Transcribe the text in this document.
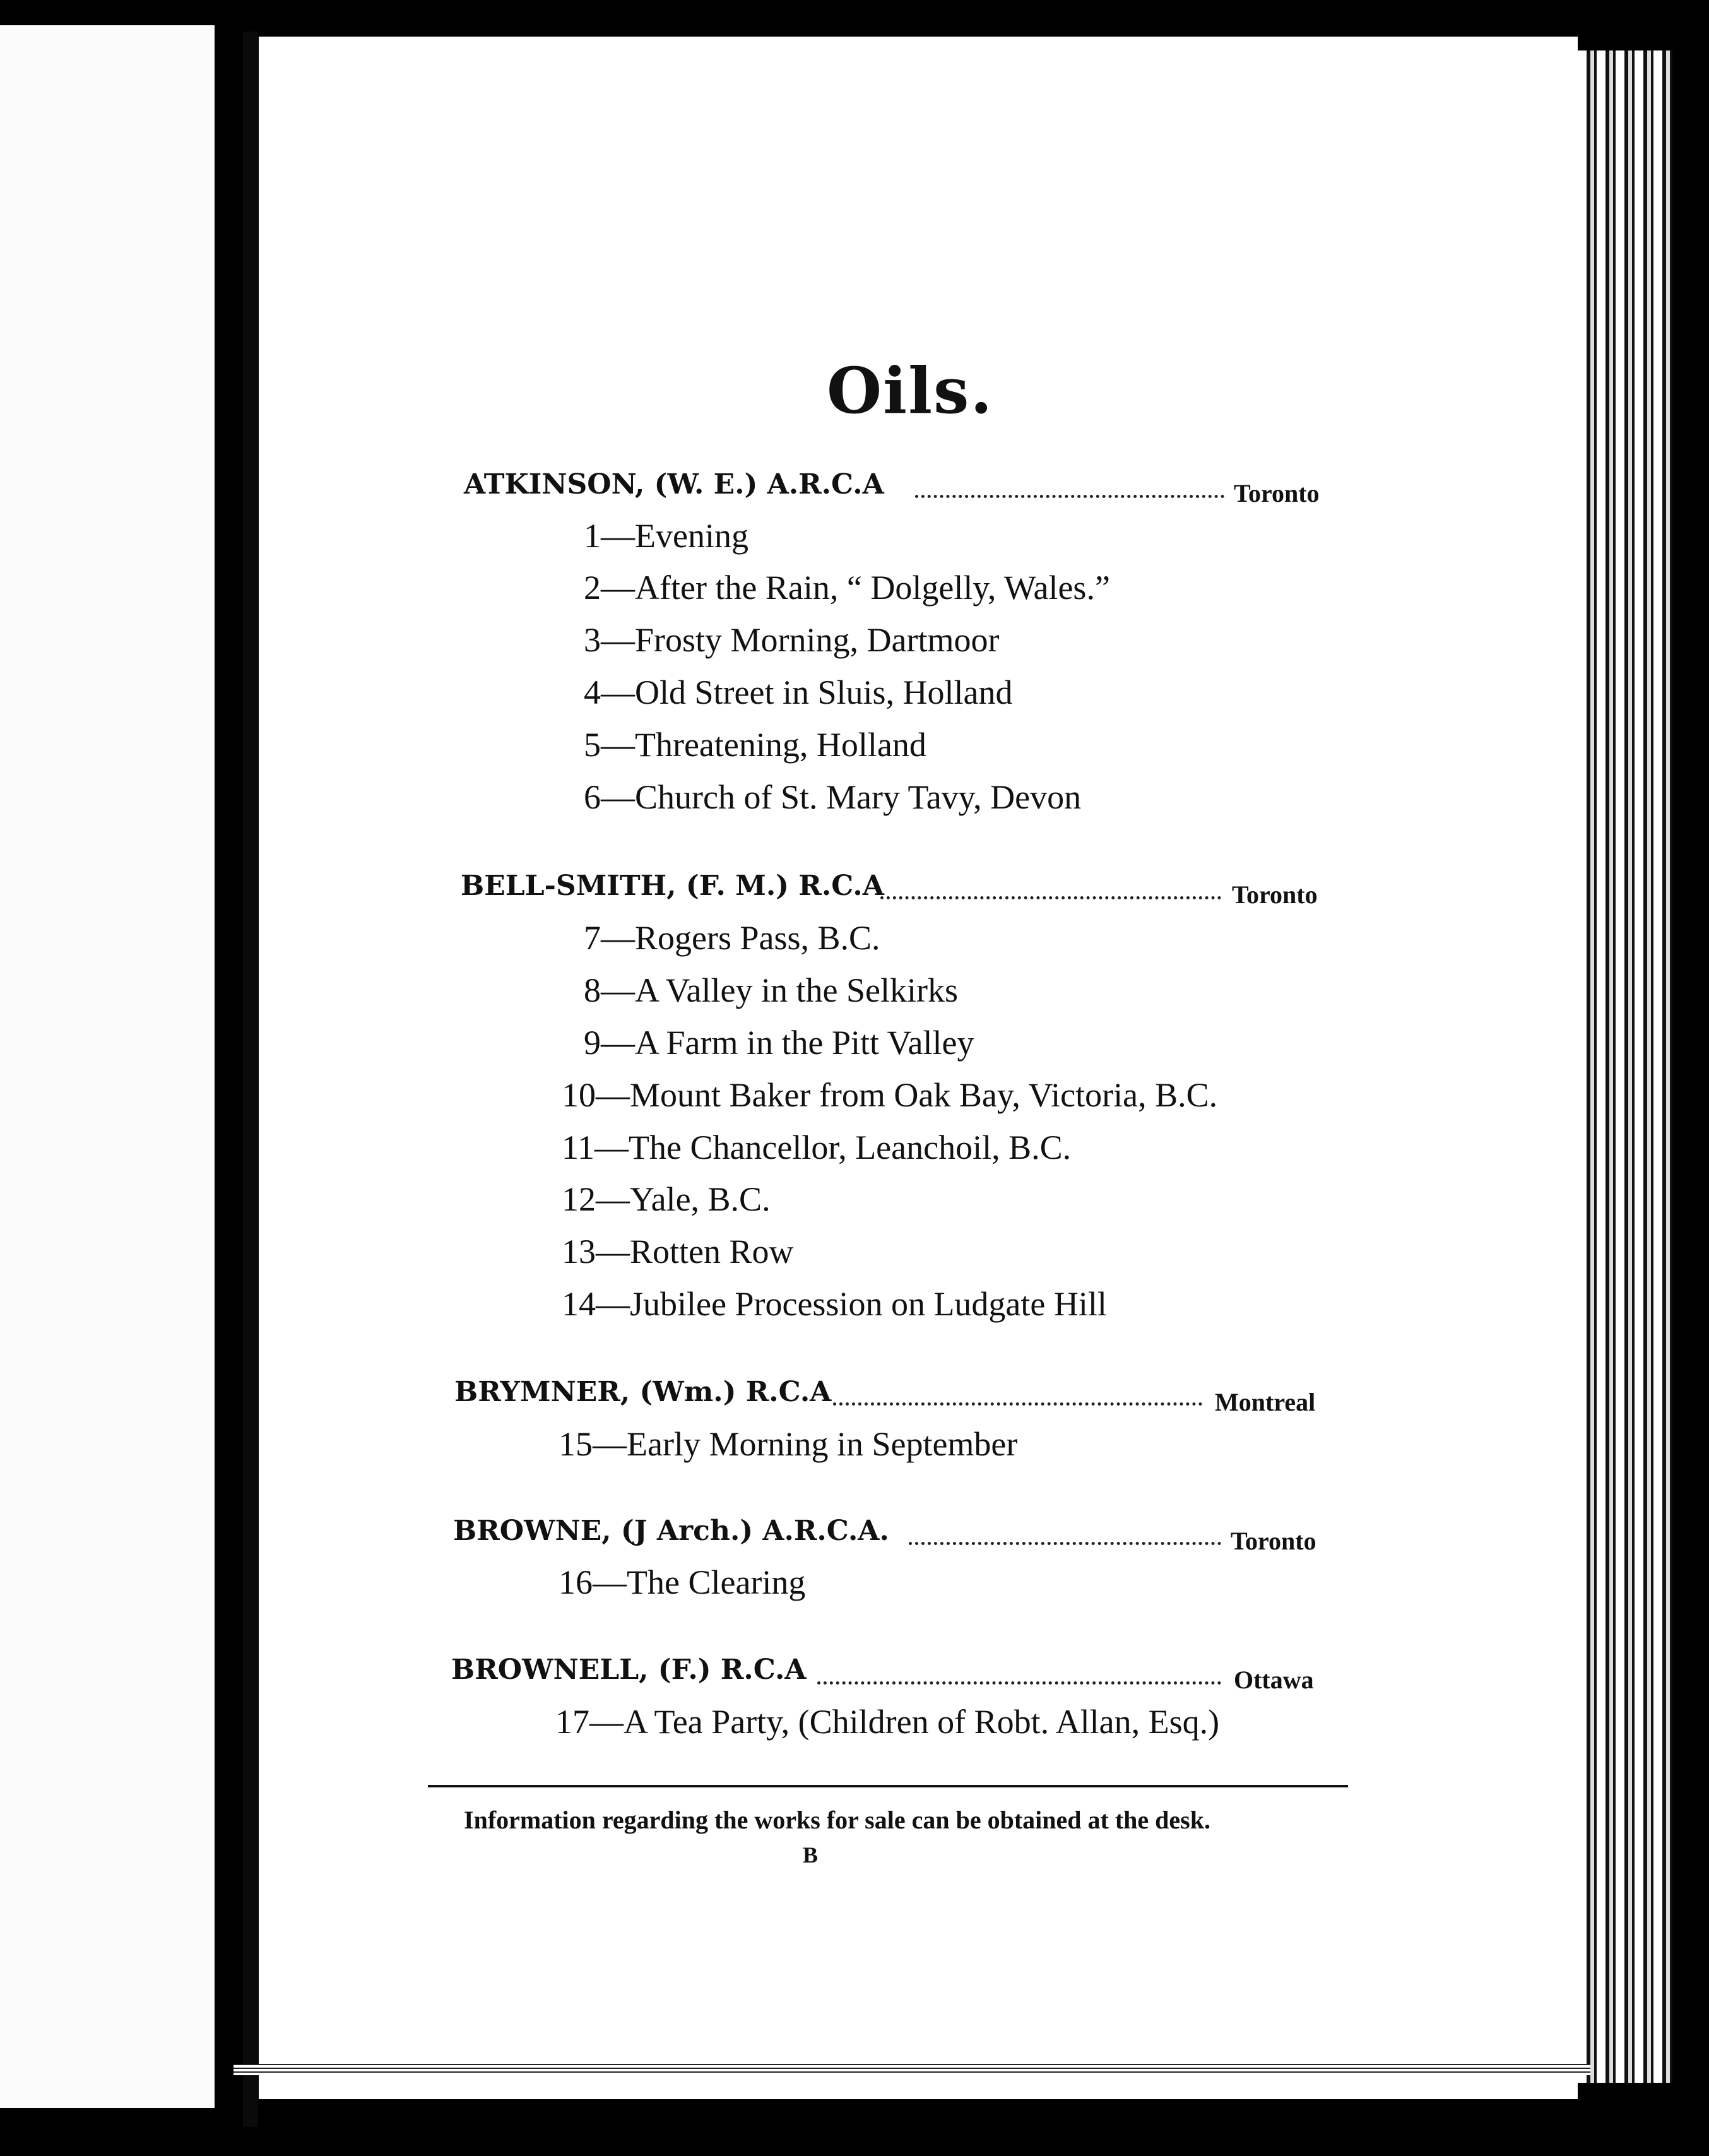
Oils.
ATKINSON, (W. E.) A.R.C.A	Toronto
1—Evening
2—After the Rain, “ Dolgelly, Wales.”
3—Frosty Morning, Dartmoor
4—Old Street in Sluis, Holland
5—Threatening, Holland
6—Church of St. Mary Tavy, Devon
BELL-SMITH, (F. M.) R.C.A	Toronto
7—Rogers Pass, B.C.
8—A Valley in the Selkirks
9—A Farm in the Pitt Valley
10—Mount Baker from Oak Bay, Victoria, B.C.
11—The Chancellor, Leanchoil, B.C.
12—Yale, B.C.
13—Rotten Row
14—Jubilee Procession on Ludgate Hill
BRYMNER, (Wm.) R.C.A	Montreal
15—Early Morning in September
BROWNE, (J Arch.) A.R.C.A.	Toronto
16—The Clearing
BROWNELL, (F.) R.C.A	Ottawa
17—A Tea Party, (Children of Robt. Allan, Esq.)
Information regarding the works for sale can be obtained at the desk.
B
